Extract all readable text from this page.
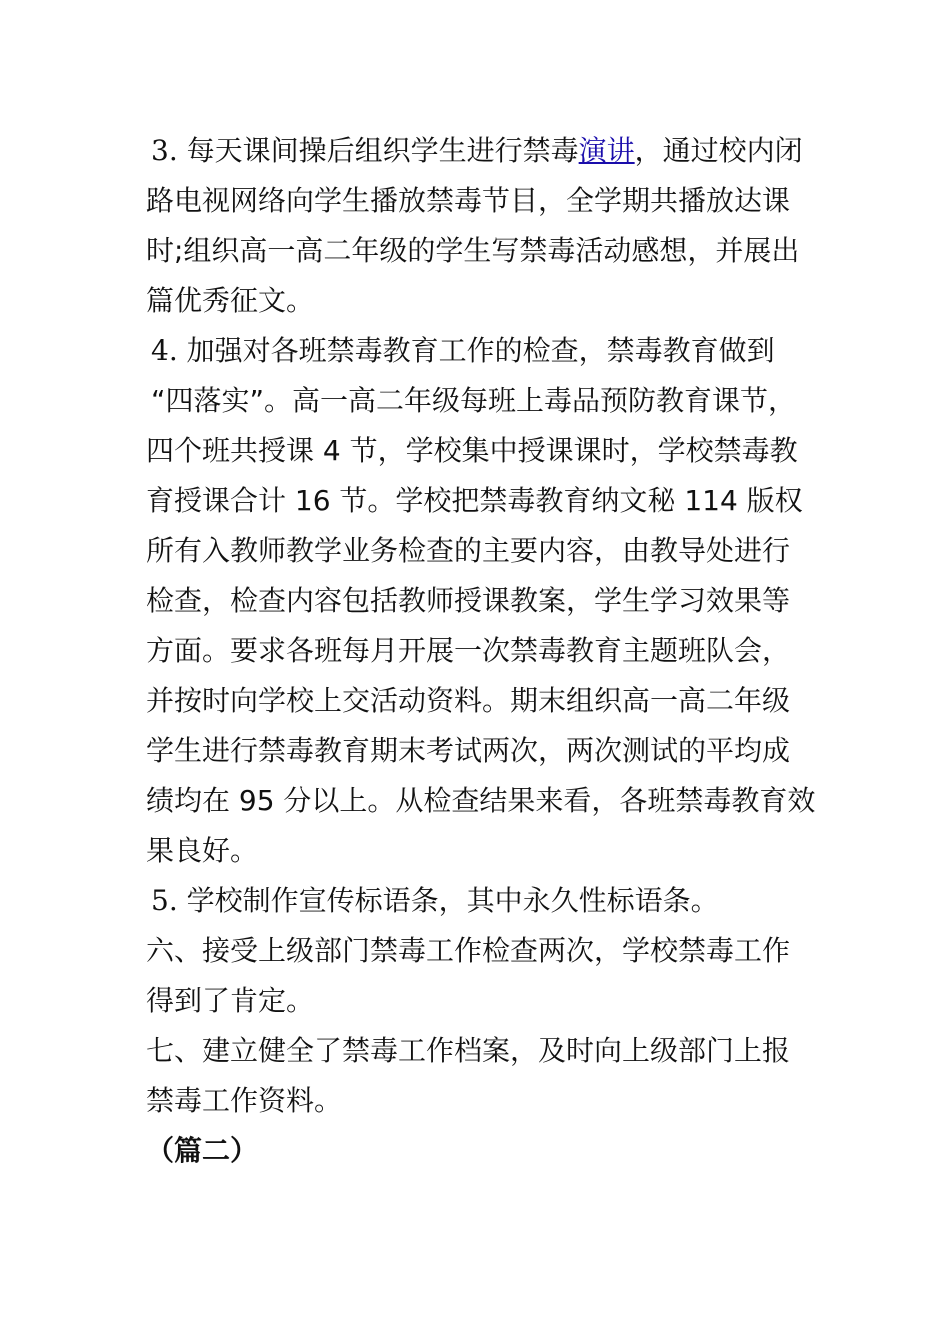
3. 每天课间操后组织学生进行禁毒演讲，通过校内闭
路电视网络向学生播放禁毒节目，全学期共播放达课
时;组织高一高二年级的学生写禁毒活动感想，并展出
篇优秀征文。
4. 加强对各班禁毒教育工作的检查，禁毒教育做到
“四落实”。高一高二年级每班上毒品预防教育课节，
四个班共授课 4 节，学校集中授课课时，学校禁毒教
育授课合计 16 节。学校把禁毒教育纳文秘 114 版权
所有入教师教学业务检查的主要内容，由教导处进行
检查，检查内容包括教师授课教案，学生学习效果等
方面。要求各班每月开展一次禁毒教育主题班队会，
并按时向学校上交活动资料。期末组织高一高二年级
学生进行禁毒教育期末考试两次，两次测试的平均成
绩均在 95 分以上。从检查结果来看，各班禁毒教育效
果良好。
5. 学校制作宣传标语条，其中永久性标语条。
六、接受上级部门禁毒工作检查两次，学校禁毒工作
得到了肯定。
七、建立健全了禁毒工作档案，及时向上级部门上报
禁毒工作资料。
（篇二）
